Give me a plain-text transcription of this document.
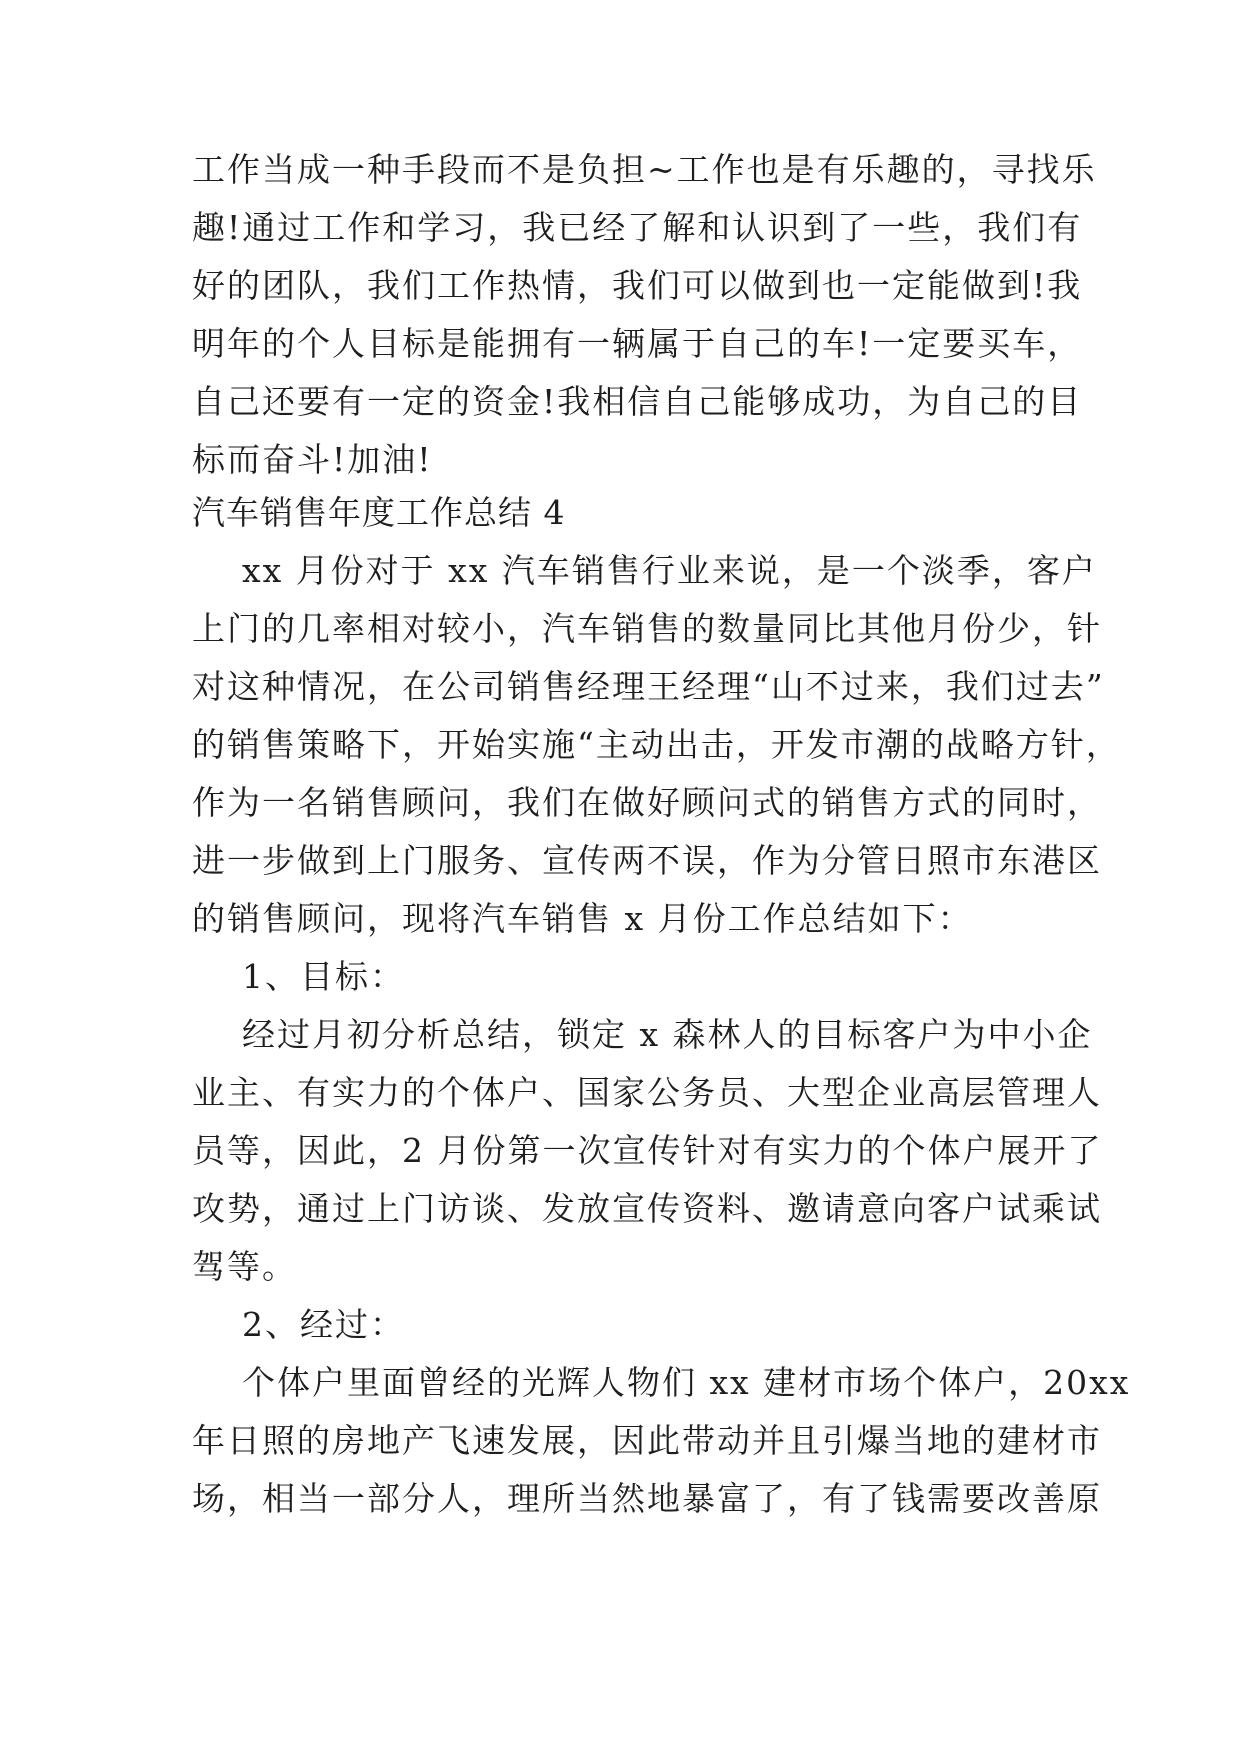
工作当成一种手段而不是负担~工作也是有乐趣的，寻找乐
趣!通过工作和学习，我已经了解和认识到了一些，我们有
好的团队，我们工作热情，我们可以做到也一定能做到!我
明年的个人目标是能拥有一辆属于自己的车!一定要买车，
自己还要有一定的资金!我相信自己能够成功，为自己的目
标而奋斗!加油!
汽车销售年度工作总结 4
xx 月份对于 xx 汽车销售行业来说，是一个淡季，客户
上门的几率相对较小，汽车销售的数量同比其他月份少，针
对这种情况，在公司销售经理王经理“山不过来，我们过去”
的销售策略下，开始实施“主动出击，开发市潮的战略方针，
作为一名销售顾问，我们在做好顾问式的销售方式的同时，
进一步做到上门服务、宣传两不误，作为分管日照市东港区
的销售顾问，现将汽车销售 x 月份工作总结如下：
1、目标：
经过月初分析总结，锁定 x 森林人的目标客户为中小企
业主、有实力的个体户、国家公务员、大型企业高层管理人
员等，因此，2 月份第一次宣传针对有实力的个体户展开了
攻势，通过上门访谈、发放宣传资料、邀请意向客户试乘试
驾等。
2、经过：
个体户里面曾经的光辉人物们 xx 建材市场个体户，20xx
年日照的房地产飞速发展，因此带动并且引爆当地的建材市
场，相当一部分人，理所当然地暴富了，有了钱需要改善原
